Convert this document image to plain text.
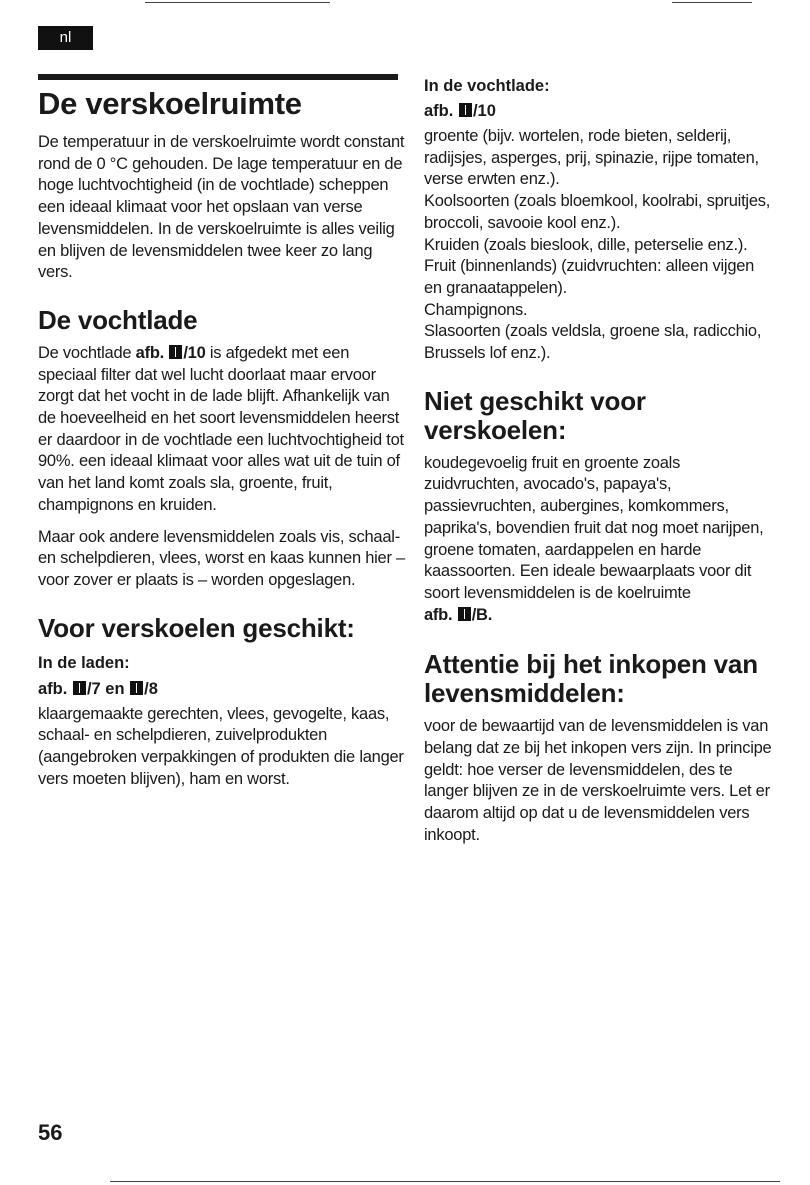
nl
De verskoelruimte

De temperatuur in de verskoelruimte wordt constant rond de 0 °C gehouden. De lage temperatuur en de hoge luchtvochtigheid (in de vochtlade) scheppen een ideaal klimaat voor het opslaan van verse levensmiddelen. In de verskoelruimte is alles veilig en blijven de levensmiddelen twee keer zo lang vers.

De vochtlade

De vochtlade afb. /10 is afgedekt met een speciaal filter dat wel lucht doorlaat maar ervoor zorgt dat het vocht in de lade blijft. Afhankelijk van de hoeveelheid en het soort levensmiddelen heerst er daardoor in de vochtlade een luchtvochtigheid tot 90%. een ideaal klimaat voor alles wat uit de tuin of van het land komt zoals sla, groente, fruit, champignons en kruiden.

Maar ook andere levensmiddelen zoals vis, schaal- en schelpdieren, vlees, worst en kaas kunnen hier – voor zover er plaats is – worden opgeslagen.

Voor verskoelen geschikt:
In de laden:
afb. /7 en /8

klaargemaakte gerechten, vlees, gevogelte, kaas, schaal- en schelpdieren, zuivelprodukten (aangebroken verpakkingen of produkten die langer vers moeten blijven), ham en worst.

In de vochtlade:
afb. /10

groente (bijv. wortelen, rode bieten, selderij, radijsjes, asperges, prij, spinazie, rijpe tomaten, verse erwten enz.).

Koolsoorten (zoals bloemkool, koolrabi, spruitjes, broccoli, savooie kool enz.).

Kruiden (zoals bieslook, dille, peterselie enz.).

Fruit (binnenlands) (zuidvruchten: alleen vijgen en granaatappelen).

Champignons.

Slasoorten (zoals veldsla, groene sla, radicchio, Brussels lof enz.).

Niet geschikt voor verskoelen:

koudegevoelig fruit en groente zoals zuidvruchten, avocado's, papaya's, passievruchten, aubergines, komkommers, paprika's, bovendien fruit dat nog moet narijpen, groene tomaten, aardappelen en harde kaassoorten. Een ideale bewaarplaats voor dit soort levensmiddelen is de koelruimte
afb. /B.

Attentie bij het inkopen van levensmiddelen:

voor de bewaartijd van de levensmiddelen is van belang dat ze bij het inkopen vers zijn. In principe geldt: hoe verser de levensmiddelen, des te langer blijven ze in de verskoelruimte vers. Let er daarom altijd op dat u de levensmiddelen vers inkoopt.

56
